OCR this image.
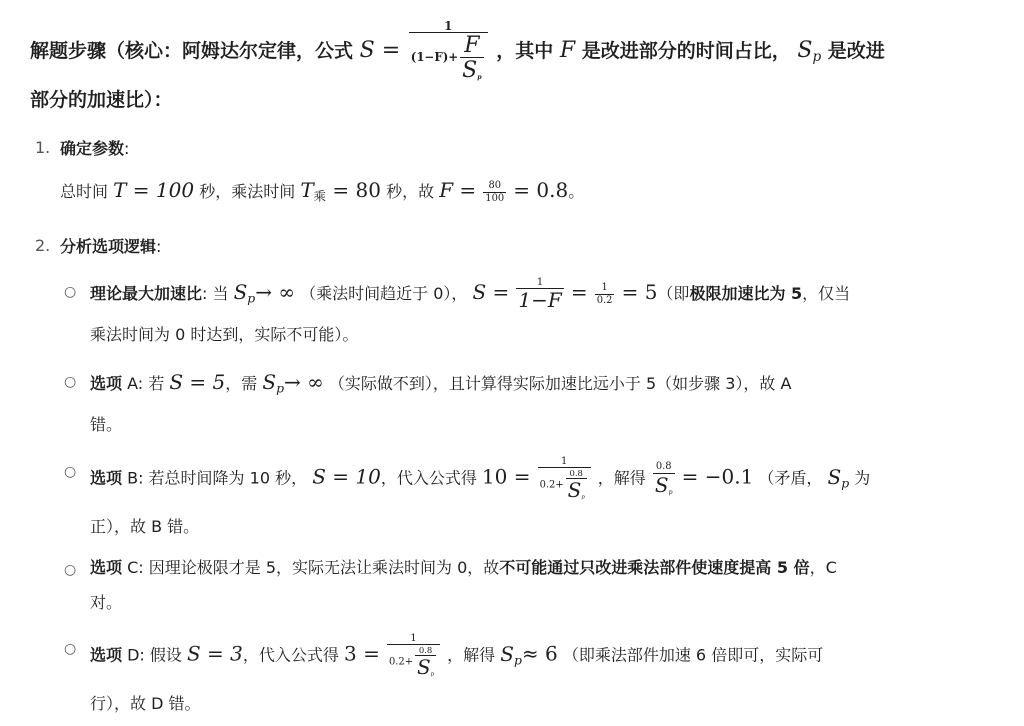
解题步骤（核心：阿姆达尔定律，公式 $S = \frac{1}{(1-F)+ \frac{F}{S_p}}$ ，其中 F 是改进部分的时间占比， $S_p$ 是改进
部分的加速比）：
1. 确定参数:
总时间 T = 100 秒，乘法时间 $T_乘 = 80$ 秒，故 $F = \frac{80}{100} = 0.8$。
2. 分析选项逻辑:
○ 理论最大加速比: 当 $S_p\to$ ∞ （乘法时间趋近于 0）， $S = \frac{1}{1-F} = \frac{1}{0.2} = 5$（即极限加速比为 5，仅当
乘法时间为 0 时达到，实际不可能）。
○ 选项 A: 若 S = 5，需 $S_p\to$ ∞ （实际做不到），且计算得实际加速比远小于 5（如步骤 3），故 A
错。
○ 选项 B: 若总时间降为 10 秒， S = 10，代入公式得 $10 = \frac{1}{0.2+ \frac{0.8}{S_p}}$ ，解得 $\frac{0.8}{S_p} = -0.1$ （矛盾， $S_p$ 为
正），故 B 错。
○ 选项 C: 因理论极限才是 5，实际无法让乘法时间为 0，故不可能通过只改进乘法部件使速度提高 5 倍，C
对。
○ 选项 D: 假设 S = 3，代入公式得 $3 = \frac{1}{0.2+ \frac{0.8}{S_p}}$ ，解得 $S_p\approx 6$ （即乘法部件加速 6 倍即可，实际可
行），故 D 错。
